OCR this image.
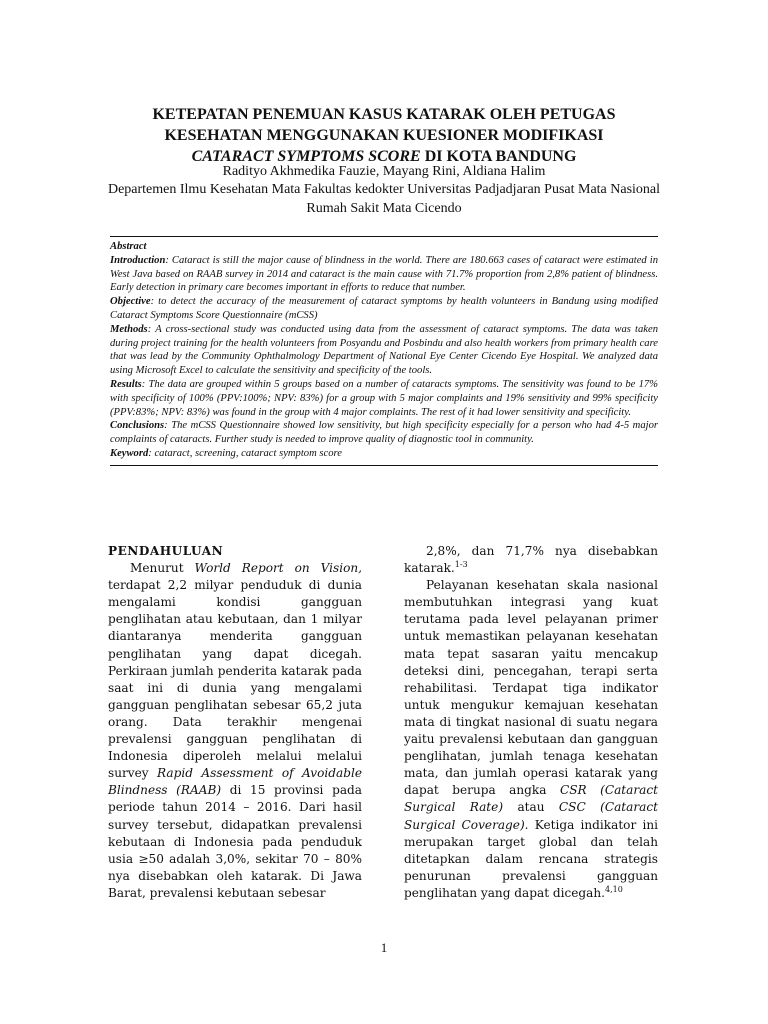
KETEPATAN PENEMUAN KASUS KATARAK OLEH PETUGAS
KESEHATAN MENGGUNAKAN KUESIONER MODIFIKASI
CATARACT SYMPTOMS SCORE DI KOTA BANDUNG
Radityo Akhmedika Fauzie, Mayang Rini, Aldiana Halim
Departemen Ilmu Kesehatan Mata Fakultas kedokter Universitas Padjadjaran Pusat Mata Nasional Rumah Sakit Mata Cicendo

Abstract

Introduction: Cataract is still the major cause of blindness in the world. There are 180.663 cases of cataract were estimated in West Java based on RAAB survey in 2014 and cataract is the main cause with 71.7% proportion from 2,8% patient of blindness. Early detection in primary care becomes important in efforts to reduce that number.

Objective: to detect the accuracy of the measurement of cataract symptoms by health volunteers in Bandung using modified Cataract Symptoms Score Questionnaire (mCSS)

Methods: A cross-sectional study was conducted using data from the assessment of cataract symptoms. The data was taken during project training for the health volunteers from Posyandu and Posbindu and also health workers from primary health care that was lead by the Community Ophthalmology Department of National Eye Center Cicendo Eye Hospital. We analyzed data using Microsoft Excel to calculate the sensitivity and specificity of the tools.

Results: The data are grouped within 5 groups based on a number of cataracts symptoms. The sensitivity was found to be 17% with specificity of 100% (PPV:100%; NPV: 83%) for a group with 5 major complaints and 19% sensitivity and 99% specificity (PPV:83%; NPV: 83%) was found in the group with 4 major complaints. The rest of it had lower sensitivity and specificity.

Conclusions: The mCSS Questionnaire showed low sensitivity, but high specificity especially for a person who had 4-5 major complaints of cataracts. Further study is needed to improve quality of diagnostic tool in community.

Keyword: cataract, screening, cataract symptom score

PENDAHULUAN

Menurut World Report on Vision, terdapat 2,2 milyar penduduk di dunia mengalami kondisi gangguan penglihatan atau kebutaan, dan 1 milyar diantaranya menderita gangguan penglihatan yang dapat dicegah. Perkiraan jumlah penderita katarak pada saat ini di dunia yang mengalami gangguan penglihatan sebesar 65,2 juta orang. Data terakhir mengenai prevalensi gangguan penglihatan di Indonesia diperoleh melalui melalui survey Rapid Assessment of Avoidable Blindness (RAAB) di 15 provinsi pada periode tahun 2014 – 2016. Dari hasil survey tersebut, didapatkan prevalensi kebutaan di Indonesia pada penduduk usia ≥50 adalah 3,0%, sekitar 70 – 80% nya disebabkan oleh katarak. Di Jawa Barat, prevalensi kebutaan sebesar

2,8%, dan 71,7% nya disebabkan katarak.$^{1-3}$

Pelayanan kesehatan skala nasional membutuhkan integrasi yang kuat terutama pada level pelayanan primer untuk memastikan pelayanan kesehatan mata tepat sasaran yaitu mencakup deteksi dini, pencegahan, terapi serta rehabilitasi. Terdapat tiga indikator untuk mengukur kemajuan kesehatan mata di tingkat nasional di suatu negara yaitu prevalensi kebutaan dan gangguan penglihatan, jumlah tenaga kesehatan mata, dan jumlah operasi katarak yang dapat berupa angka CSR (Cataract Surgical Rate) atau CSC (Cataract Surgical Coverage). Ketiga indikator ini merupakan target global dan telah ditetapkan dalam rencana strategis penurunan prevalensi gangguan penglihatan yang dapat dicegah.$^{4,10}$

1
